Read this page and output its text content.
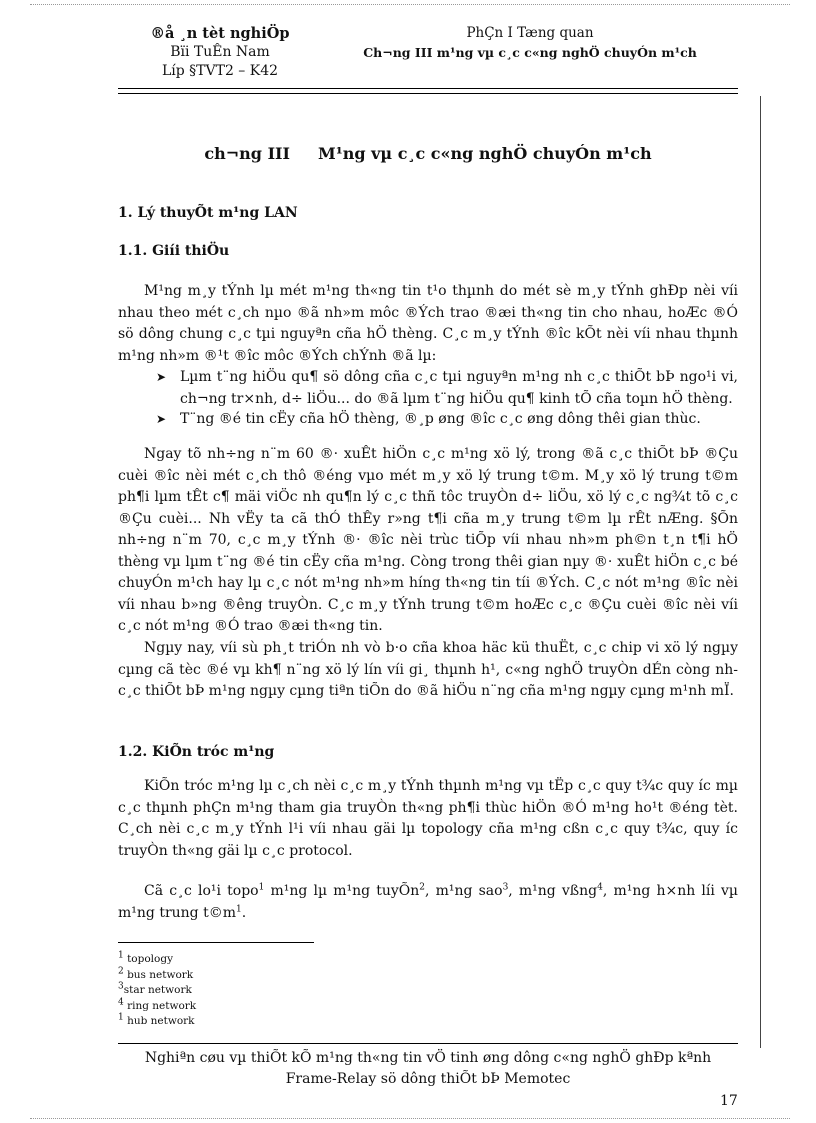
®å ¸n tèt nghiÖp
Bïi TuÊn Nam
Líp §TVT2 – K42
PhÇn I Tæng quan
Ch¬ng III m¹ng vµ c¸c c«ng nghÖ chuyÓn m¹ch
ch¬ng III M¹ng vµ c¸c c«ng nghÖ chuyÓn m¹ch
1. Lý thuyÕt m¹ng LAN
1.1. Giíi thiÖu
M¹ng m¸y tÝnh lµ mét m¹ng th«ng tin t¹o thµnh do mét sè m¸y tÝnh ghÐp nèi víi nhau theo mét c¸ch nµo ®ã nh»m môc ®Ých trao ®æi th«ng tin cho nhau, hoÆc ®Ó sö dông chung c¸c tµi nguyªn cña hÖ thèng. C¸c m¸y tÝnh ®îc kÕt nèi víi nhau thµnh m¹ng nh»m ®¹t ®îc môc ®Ých chÝnh ®ã lµ:
➤ Lµm t¨ng hiÖu qu¶ sö dông cña c¸c tµi nguyªn m¹ng nh c¸c thiÕt bÞ ngo¹i vi, ch¬ng tr×nh, d÷ liÖu... do ®ã lµm t¨ng hiÖu qu¶ kinh tÕ cña toµn hÖ thèng.
➤ T¨ng ®é tin cËy cña hÖ thèng, ®¸p øng ®îc c¸c øng dông thêi gian thùc.
Ngay tõ nh÷ng n¨m 60 ®· xuÊt hiÖn c¸c m¹ng xö lý, trong ®ã c¸c thiÕt bÞ ®Çu cuèi ®îc nèi mét c¸ch thô ®éng vµo mét m¸y xö lý trung t©m. M¸y xö lý trung t©m ph¶i lµm tÊt c¶ mäi viÖc nh qu¶n lý c¸c thñ tôc truyÒn d÷ liÖu, xö lý c¸c ng¾t tõ c¸c ®Çu cuèi... Nh vËy ta cã thÓ thÊy r»ng t¶i cña m¸y trung t©m lµ rÊt nÆng. §Õn nh÷ng n¨m 70, c¸c m¸y tÝnh ®· ®îc nèi trùc tiÕp víi nhau nh»m ph©n t¸n t¶i hÖ thèng vµ lµm t¨ng ®é tin cËy cña m¹ng. Còng trong thêi gian nµy ®· xuÊt hiÖn c¸c bé chuyÓn m¹ch hay lµ c¸c nót m¹ng nh»m híng th«ng tin tíi ®Ých. C¸c nót m¹ng ®îc nèi víi nhau b»ng ®êng truyÒn. C¸c m¸y tÝnh trung t©m hoÆc c¸c ®Çu cuèi ®îc nèi víi c¸c nót m¹ng ®Ó trao ®æi th«ng tin.
Ngµy nay, víi sù ph¸t triÓn nh vò b·o cña khoa häc kü thuËt, c¸c chip vi xö lý ngµy cµng cã tèc ®é vµ kh¶ n¨ng xö lý lín víi gi¸ thµnh h¹, c«ng nghÖ truyÒn dÉn còng nh c¸c thiÕt bÞ m¹ng ngµy cµng tiªn tiÕn do ®ã hiÖu n¨ng cña m¹ng ngµy cµng m¹nh mÏ.
1.2. KiÕn tróc m¹ng
KiÕn tróc m¹ng lµ c¸ch nèi c¸c m¸y tÝnh thµnh m¹ng vµ tËp c¸c quy t¾c quy íc mµ c¸c thµnh phÇn m¹ng tham gia truyÒn th«ng ph¶i thùc hiÖn ®Ó m¹ng ho¹t ®éng tèt. C¸ch nèi c¸c m¸y tÝnh l¹i víi nhau gäi lµ topology cña m¹ng cßn c¸c quy t¾c, quy íc truyÒn th«ng gäi lµ c¸c protocol.
Cã c¸c lo¹i topo$^1$ m¹ng lµ m¹ng tuyÕn$^2$, m¹ng sao$^3$, m¹ng vßng$^4$, m¹ng h×nh líi vµ m¹ng trung $t©m^1$.
$^1$ topology
$^2$ bus network
$^3$star network
$^4$ ring network
$^1$ hub network
Nghiªn cøu vµ thiÕt kÕ m¹ng th«ng tin vÖ tinh øng dông c«ng nghÖ ghÐp kªnh
Frame-Relay sö dông thiÕt bÞ Memotec
17
